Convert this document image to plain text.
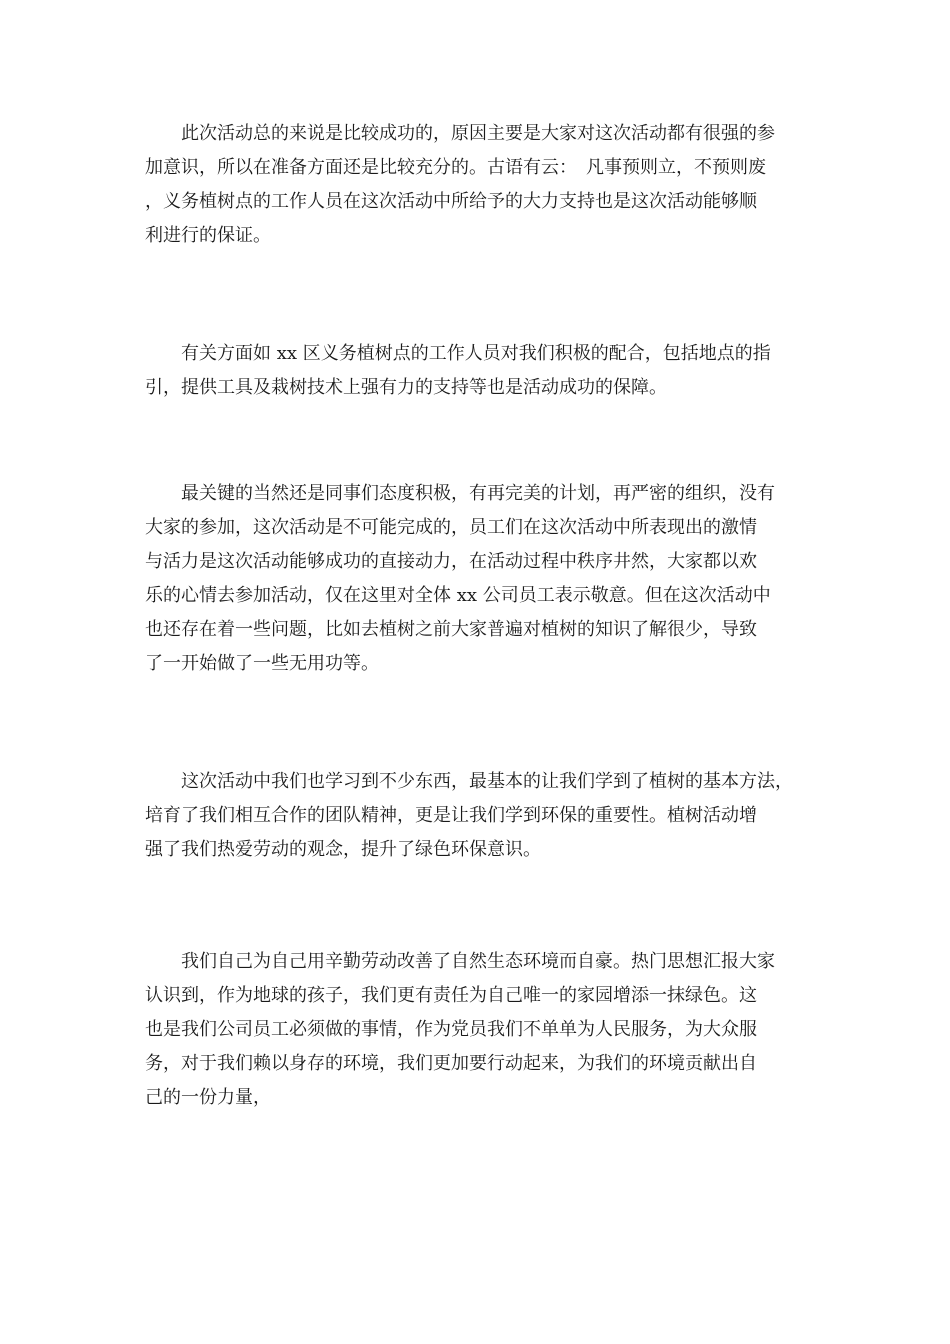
　　此次活动总的来说是比较成功的，原因主要是大家对这次活动都有很强的参
加意识，所以在准备方面还是比较充分的。古语有云：　凡事预则立，不预则废
，义务植树点的工作人员在这次活动中所给予的大力支持也是这次活动能够顺
利进行的保证。
　　有关方面如 xx 区义务植树点的工作人员对我们积极的配合，包括地点的指
引，提供工具及栽树技术上强有力的支持等也是活动成功的保障。
　　最关键的当然还是同事们态度积极，有再完美的计划，再严密的组织，没有
大家的参加，这次活动是不可能完成的，员工们在这次活动中所表现出的激情
与活力是这次活动能够成功的直接动力，在活动过程中秩序井然，大家都以欢
乐的心情去参加活动，仅在这里对全体 xx 公司员工表示敬意。但在这次活动中
也还存在着一些问题，比如去植树之前大家普遍对植树的知识了解很少，导致
了一开始做了一些无用功等。
　　这次活动中我们也学习到不少东西，最基本的让我们学到了植树的基本方法，
培育了我们相互合作的团队精神，更是让我们学到环保的重要性。植树活动增
强了我们热爱劳动的观念，提升了绿色环保意识。
　　我们自己为自己用辛勤劳动改善了自然生态环境而自豪。热门思想汇报大家
认识到，作为地球的孩子，我们更有责任为自己唯一的家园增添一抹绿色。这
也是我们公司员工必须做的事情，作为党员我们不单单为人民服务，为大众服
务，对于我们赖以身存的环境，我们更加要行动起来，为我们的环境贡献出自
己的一份力量，
